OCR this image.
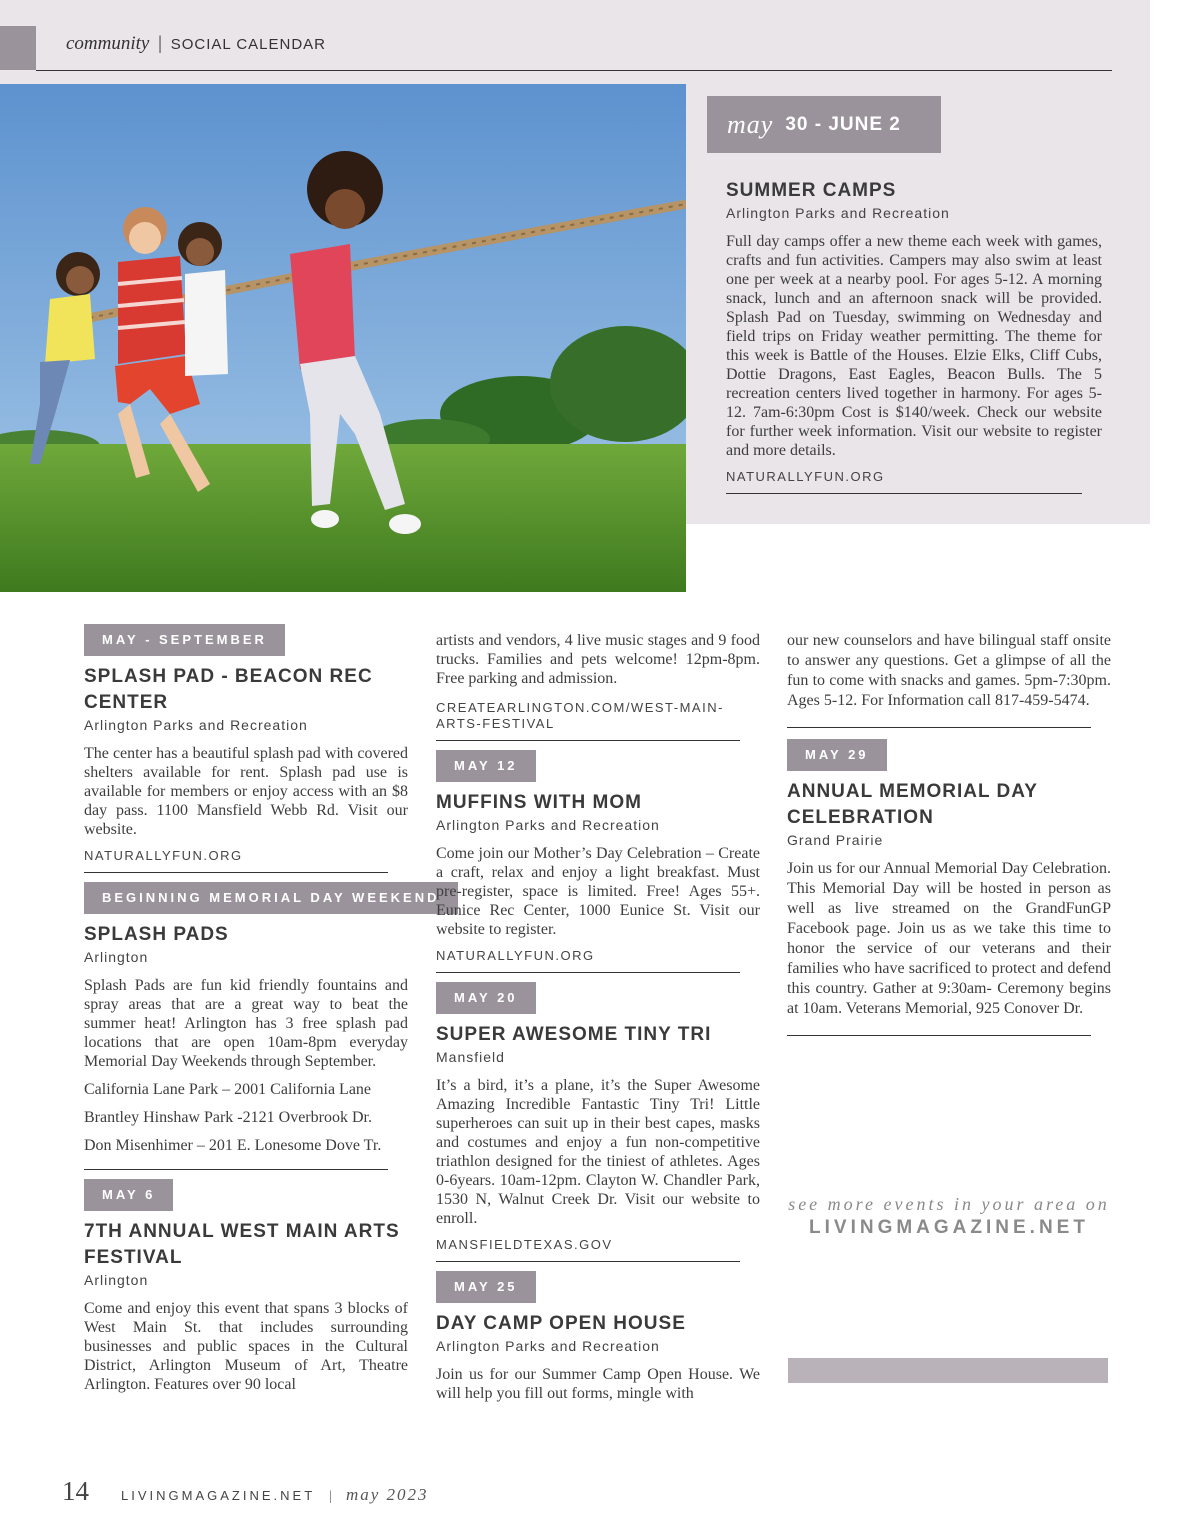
community | SOCIAL CALENDAR
may 30 - JUNE 2
SUMMER CAMPS
Arlington Parks and Recreation
Full day camps offer a new theme each week with games, crafts and fun activities. Campers may also swim at least one per week at a nearby pool. For ages 5-12. A morning snack, lunch and an afternoon snack will be provided. Splash Pad on Tuesday, swimming on Wednesday and field trips on Friday weather permitting. The theme for this week is Battle of the Houses. Elzie Elks, Cliff Cubs, Dottie Dragons, East Eagles, Beacon Bulls. The 5 recreation centers lived together in harmony. For ages 5-12. 7am-6:30pm Cost is $140/week. Check our website for further week information. Visit our website to register and more details.
NATURALLYFUN.ORG
MAY - SEPTEMBER
SPLASH PAD - BEACON REC CENTER
Arlington Parks and Recreation
The center has a beautiful splash pad with covered shelters available for rent. Splash pad use is available for members or enjoy access with an $8 day pass. 1100 Mansfield Webb Rd. Visit our website.
NATURALLYFUN.ORG
BEGINNING MEMORIAL DAY WEEKEND
SPLASH PADS
Arlington
Splash Pads are fun kid friendly fountains and spray areas that are a great way to beat the summer heat! Arlington has 3 free splash pad locations that are open 10am-8pm everyday Memorial Day Weekends through September.
California Lane Park – 2001 California Lane
Brantley Hinshaw Park -2121 Overbrook Dr.
Don Misenhimer – 201 E. Lonesome Dove Tr.
MAY 6
7TH ANNUAL WEST MAIN ARTS FESTIVAL
Arlington
Come and enjoy this event that spans 3 blocks of West Main St. that includes surrounding businesses and public spaces in the Cultural District, Arlington Museum of Art, Theatre Arlington. Features over 90 local
artists and vendors, 4 live music stages and 9 food trucks. Families and pets welcome! 12pm-8pm. Free parking and admission.
CREATEARLINGTON.COM/WEST-MAIN-ARTS-FESTIVAL
MAY 12
MUFFINS WITH MOM
Arlington Parks and Recreation
Come join our Mother’s Day Celebration – Create a craft, relax and enjoy a light breakfast. Must pre-register, space is limited. Free! Ages 55+. Eunice Rec Center, 1000 Eunice St. Visit our website to register.
NATURALLYFUN.ORG
MAY 20
SUPER AWESOME TINY TRI
Mansfield
It’s a bird, it’s a plane, it’s the Super Awesome Amazing Incredible Fantastic Tiny Tri! Little superheroes can suit up in their best capes, masks and costumes and enjoy a fun non-competitive triathlon designed for the tiniest of athletes. Ages 0-6years. 10am-12pm. Clayton W. Chandler Park, 1530 N, Walnut Creek Dr. Visit our website to enroll.
MANSFIELDTEXAS.GOV
MAY 25
DAY CAMP OPEN HOUSE
Arlington Parks and Recreation
Join us for our Summer Camp Open House. We will help you fill out forms, mingle with
our new counselors and have bilingual staff onsite to answer any questions. Get a glimpse of all the fun to come with snacks and games. 5pm-7:30pm. Ages 5-12. For Information call 817-459-5474.
MAY 29
ANNUAL MEMORIAL DAY CELEBRATION
Grand Prairie
Join us for our Annual Memorial Day Celebration. This Memorial Day will be hosted in person as well as live streamed on the GrandFunGP Facebook page. Join us as we take this time to honor the service of our veterans and their families who have sacrificed to protect and defend this country. Gather at 9:30am- Ceremony begins at 10am. Veterans Memorial, 925 Conover Dr.
see more events in your area on
LIVINGMAGAZINE.NET
14 LIVINGMAGAZINE.NET | may 2023
